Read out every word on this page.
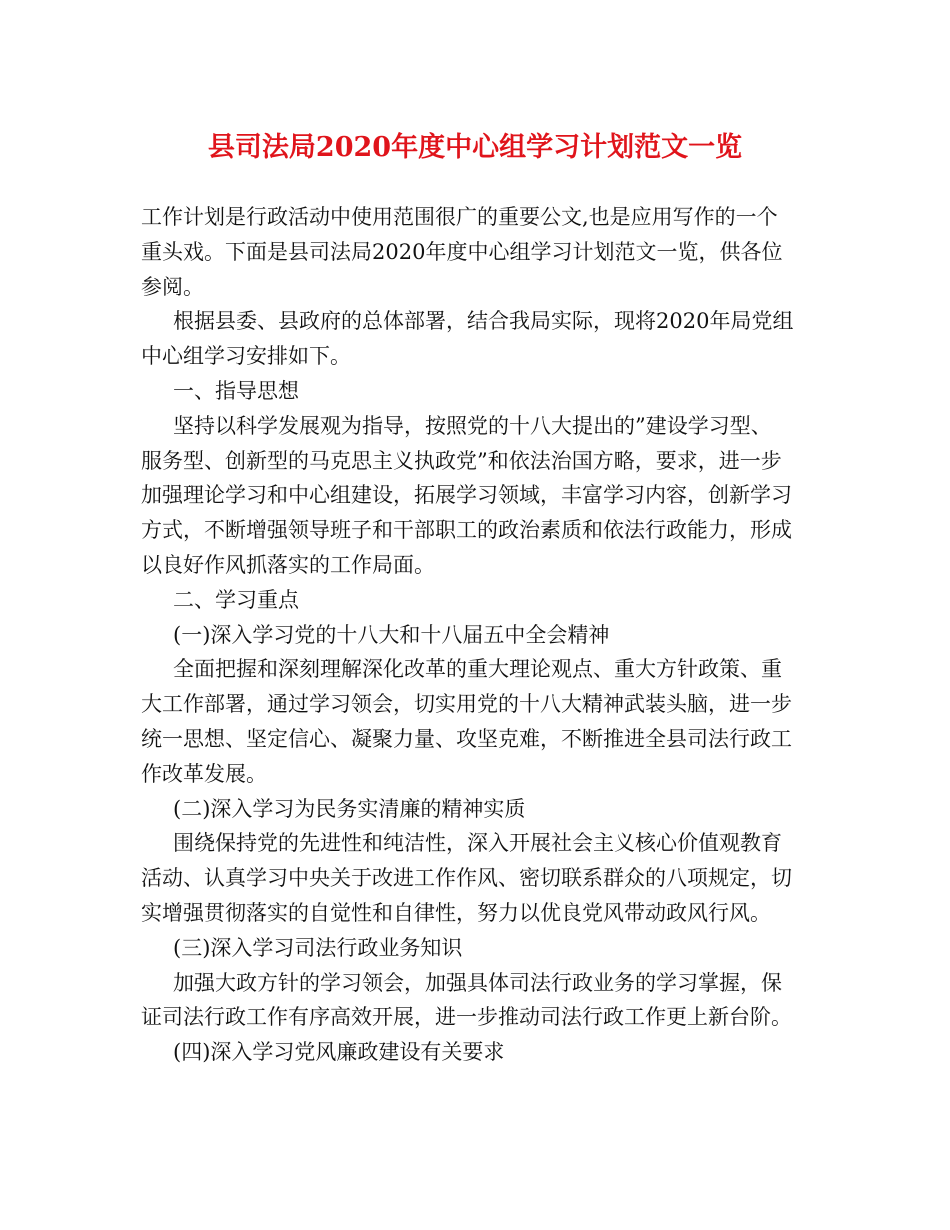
县司法局2020年度中心组学习计划范文一览
工作计划是行政活动中使用范围很广的重要公文,也是应用写作的一个
重头戏。下面是县司法局2020年度中心组学习计划范文一览，供各位
参阅。
根据县委、县政府的总体部署，结合我局实际，现将2020年局党组
中心组学习安排如下。
一、指导思想
坚持以科学发展观为指导，按照党的十八大提出的”建设学习型、
服务型、创新型的马克思主义执政党”和依法治国方略，要求，进一步
加强理论学习和中心组建设，拓展学习领域，丰富学习内容，创新学习
方式，不断增强领导班子和干部职工的政治素质和依法行政能力，形成
以良好作风抓落实的工作局面。
二、学习重点
(一)深入学习党的十八大和十八届五中全会精神
全面把握和深刻理解深化改革的重大理论观点、重大方针政策、重
大工作部署，通过学习领会，切实用党的十八大精神武装头脑，进一步
统一思想、坚定信心、凝聚力量、攻坚克难，不断推进全县司法行政工
作改革发展。
(二)深入学习为民务实清廉的精神实质
围绕保持党的先进性和纯洁性，深入开展社会主义核心价值观教育
活动、认真学习中央关于改进工作作风、密切联系群众的八项规定，切
实增强贯彻落实的自觉性和自律性，努力以优良党风带动政风行风。
(三)深入学习司法行政业务知识
加强大政方针的学习领会，加强具体司法行政业务的学习掌握，保
证司法行政工作有序高效开展，进一步推动司法行政工作更上新台阶。
(四)深入学习党风廉政建设有关要求
